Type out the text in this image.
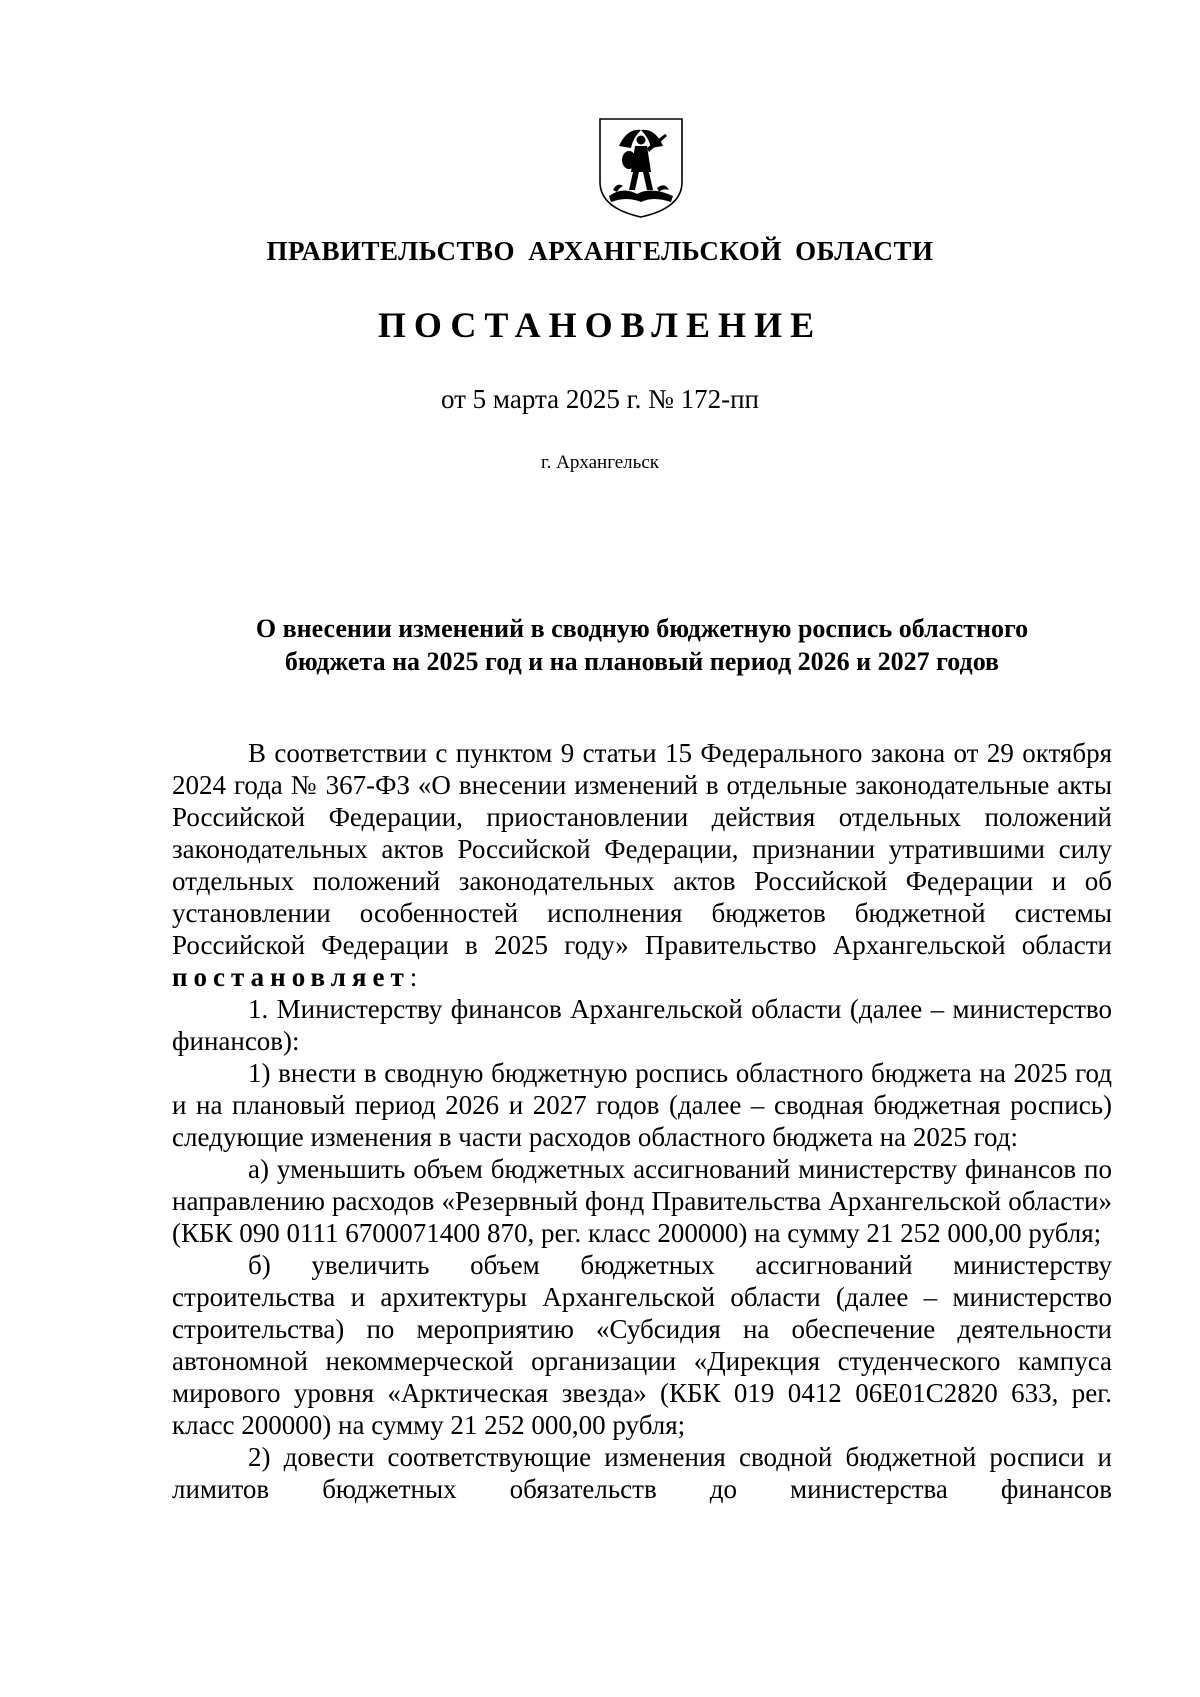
ПРАВИТЕЛЬСТВО АРХАНГЕЛЬСКОЙ ОБЛАСТИ

ПОСТАНОВЛЕНИЕ

от 5 марта 2025 г. № 172-пп

г. Архангельск

О внесении изменений в сводную бюджетную роспись областного
бюджета на 2025 год и на плановый период 2026 и 2027 годов

В соответствии с пунктом 9 статьи 15 Федерального закона от 29 октября 2024 года № 367-ФЗ «О внесении изменений в отдельные законодательные акты Российской Федерации, приостановлении действия отдельных положений законодательных актов Российской Федерации, признании утратившими силу отдельных положений законодательных актов Российской Федерации и об установлении особенностей исполнения бюджетов бюджетной системы Российской Федерации в 2025 году» Правительство Архангельской области постановляет:

1. Министерству финансов Архангельской области (далее – министерство финансов):

1) внести в сводную бюджетную роспись областного бюджета на 2025 год и на плановый период 2026 и 2027 годов (далее – сводная бюджетная роспись) следующие изменения в части расходов областного бюджета на 2025 год:

а) уменьшить объем бюджетных ассигнований министерству финансов по направлению расходов «Резервный фонд Правительства Архангельской области» (КБК 090 0111 6700071400 870, рег. класс 200000) на сумму 21 252 000,00 рубля;

б) увеличить объем бюджетных ассигнований министерству строительства и архитектуры Архангельской области (далее – министерство строительства) по мероприятию «Субсидия на обеспечение деятельности автономной некоммерческой организации «Дирекция студенческого кампуса мирового уровня «Арктическая звезда» (КБК 019 0412 06Е01С2820 633, рег. класс 200000) на сумму 21 252 000,00 рубля;

2) довести соответствующие изменения сводной бюджетной росписи и лимитов бюджетных обязательств до министерства финансов
